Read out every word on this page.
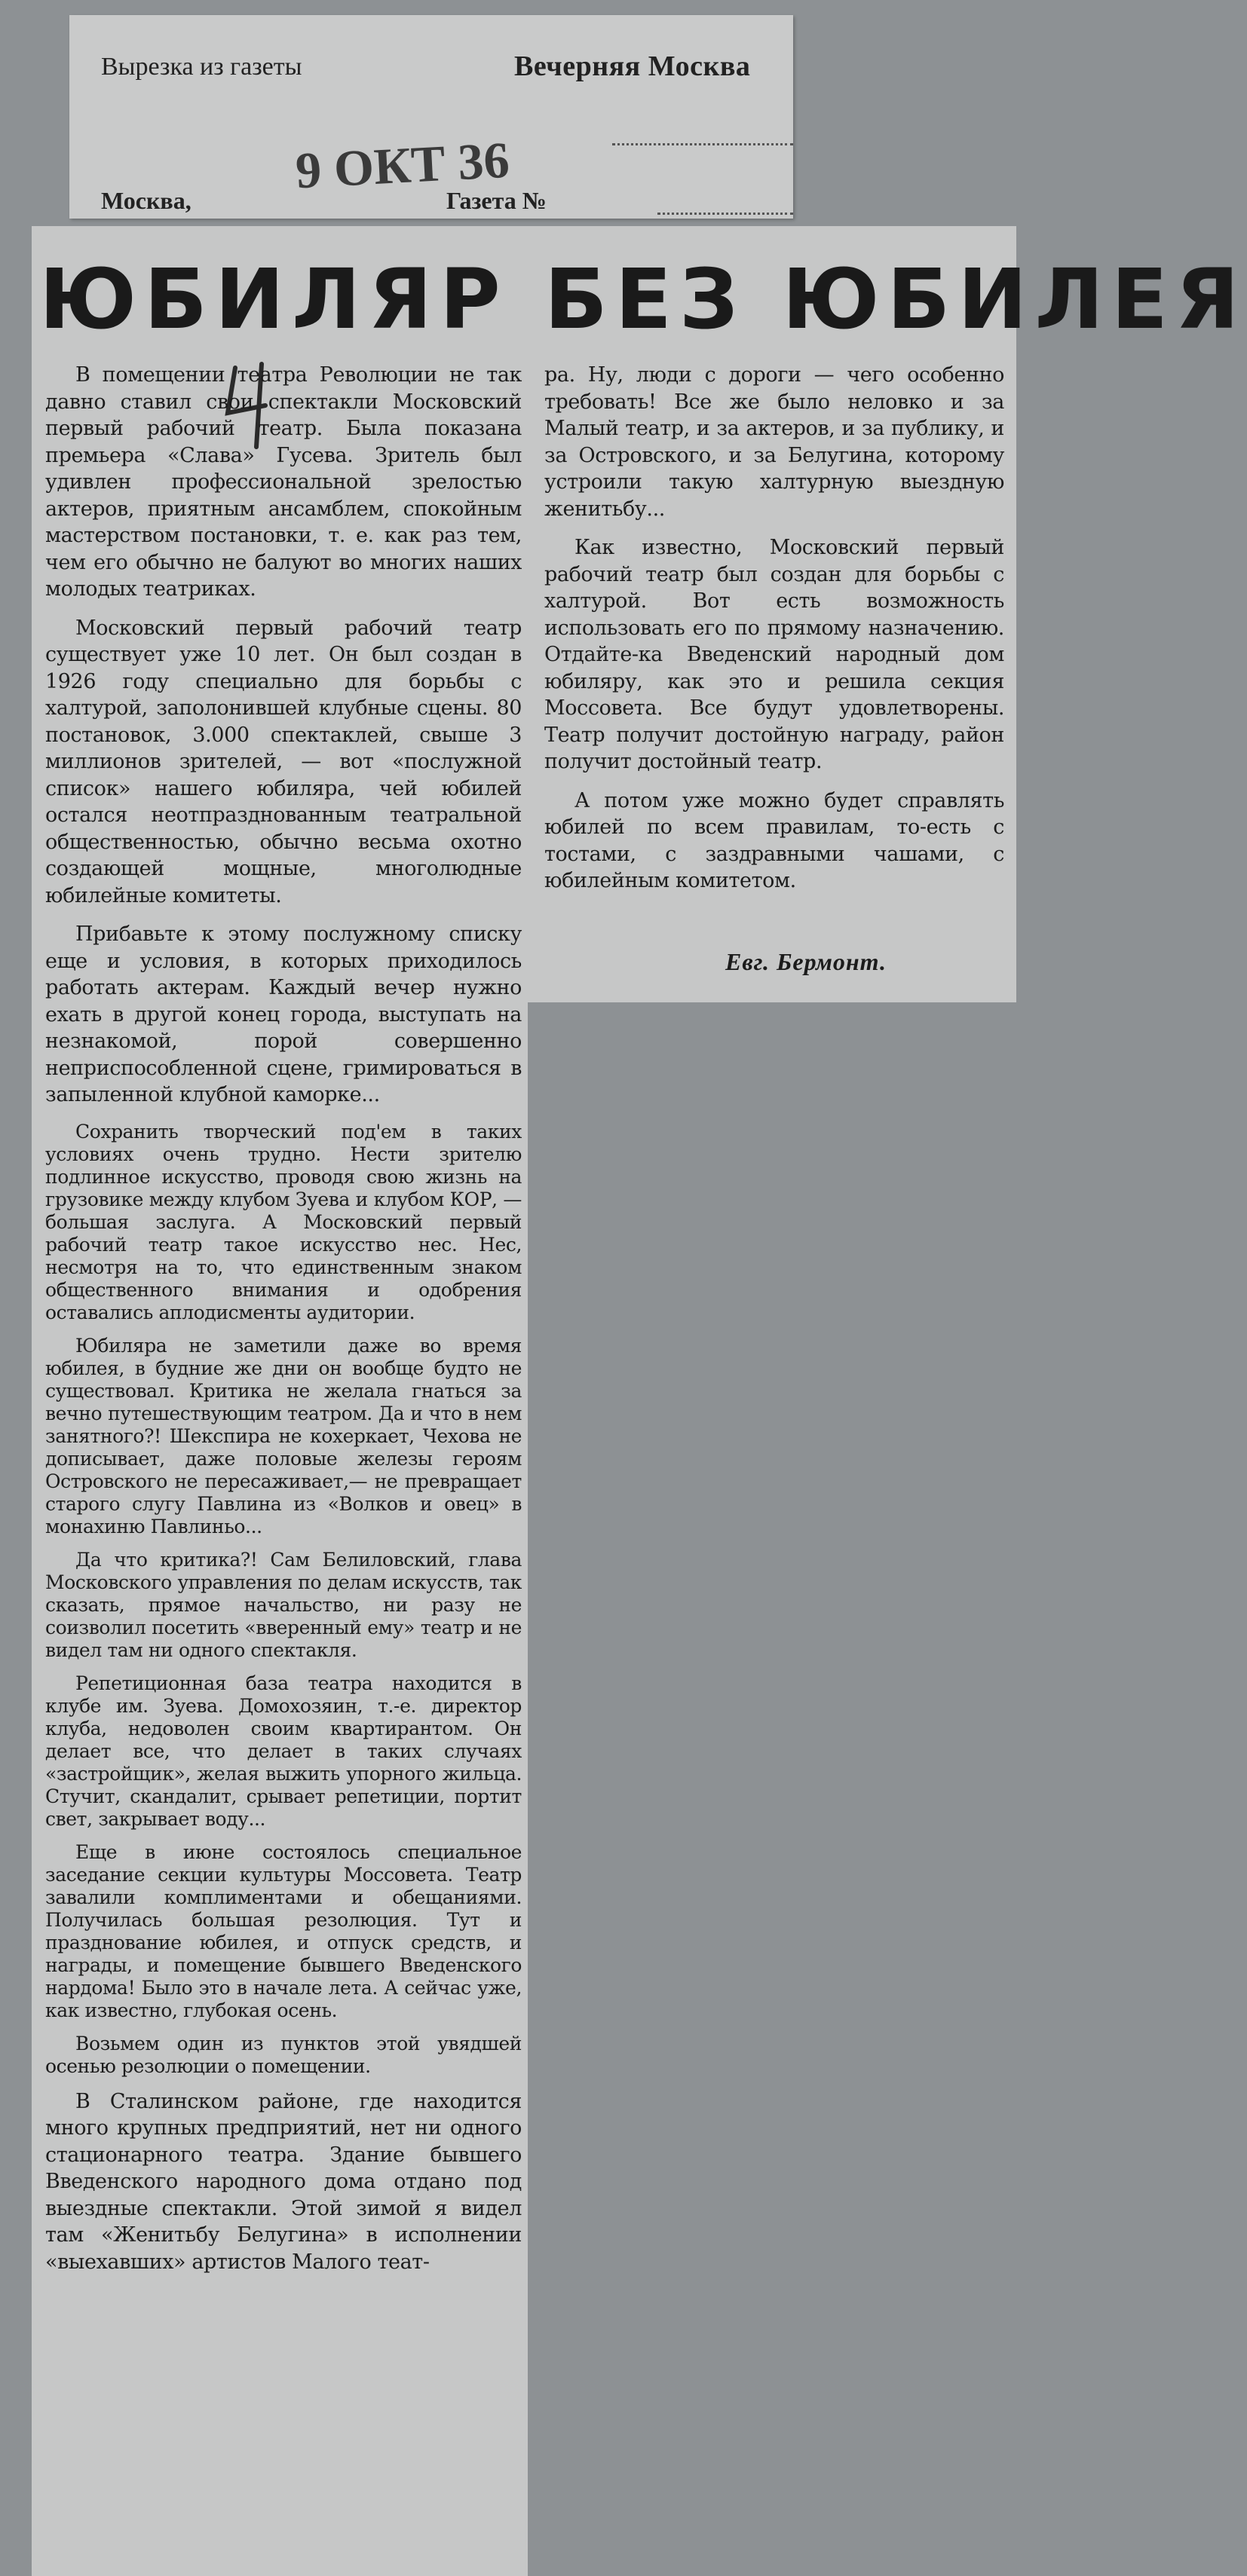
Вырезка из газеты	Вечерняя Москва
9 ОКТ 36
Москва,	Газета №
ЮБИЛЯР БЕЗ ЮБИЛЕЯ

В помещении театра Революции не так давно ставил свои спектакли Московский первый рабочий театр. Была показана премьера «Слава» Гусева. Зритель был удивлен профессиональной зрелостью актеров, приятным ансамблем, спокойным мастерством постановки, т. е. как раз тем, чем его обычно не балуют во многих наших молодых театриках.

Московский первый рабочий театр существует уже 10 лет. Он был создан в 1926 году специально для борьбы с халтурой, заполонившей клубные сцены. 80 постановок, 3.000 спектаклей, свыше 3 миллионов зрителей, — вот «послужной список» нашего юбиляра, чей юбилей остался неотпразднованным театральной общественностью, обычно весьма охотно создающей мощные, многолюдные юбилейные комитеты.

Прибавьте к этому послужному списку еще и условия, в которых приходилось работать актерам. Каждый вечер нужно ехать в другой конец города, выступать на незнакомой, порой совершенно неприспособленной сцене, гримироваться в запыленной клубной каморке...

Сохранить творческий под'ем в таких условиях очень трудно. Нести зрителю подлинное искусство, проводя свою жизнь на грузовике между клубом Зуева и клубом КОР, — большая заслуга. А Московский первый рабочий театр такое искусство нес. Нес, несмотря на то, что единственным знаком общественного внимания и одобрения оставались аплодисменты аудитории.

Юбиляра не заметили даже во время юбилея, в будние же дни он вообще будто не существовал. Критика не желала гнаться за вечно путешествующим театром. Да и что в нем занятного?! Шекспира не кохеркает, Чехова не дописывает, даже половые железы героям Островского не пересаживает,— не превращает старого слугу Павлина из «Волков и овец» в монахиню Павлиньо...

Да что критика?! Сам Белиловский, глава Московского управления по делам искусств, так сказать, прямое начальство, ни разу не соизволил посетить «вверенный ему» театр и не видел там ни одного спектакля.

Репетиционная база театра находится в клубе им. Зуева. Домохозяин, т.-е. директор клуба, недоволен своим квартирантом. Он делает все, что делает в таких случаях «застройщик», желая выжить упорного жильца. Стучит, скандалит, срывает репетиции, портит свет, закрывает воду...

Еще в июне состоялось специальное заседание секции культуры Моссовета. Театр завалили комплиментами и обещаниями. Получилась большая резолюция. Тут и празднование юбилея, и отпуск средств, и награды, и помещение бывшего Введенского нардома! Было это в начале лета. А сейчас уже, как известно, глубокая осень.

Возьмем один из пунктов этой увядшей осенью резолюции о помещении.

В Сталинском районе, где находится много крупных предприятий, нет ни одного стационарного театра. Здание бывшего Введенского народного дома отдано под выездные спектакли. Этой зимой я видел там «Женитьбу Белугина» в исполнении «выехавших» артистов Малого теат-

ра. Ну, люди с дороги — чего особенно требовать! Все же было неловко и за Малый театр, и за актеров, и за публику, и за Островского, и за Белугина, которому устроили такую халтурную выездную женитьбу...

Как известно, Московский первый рабочий театр был создан для борьбы с халтурой. Вот есть возможность использовать его по прямому назначению. Отдайте-ка Введенский народный дом юбиляру, как это и решила секция Моссовета. Все будут удовлетворены. Театр получит достойную награду, район получит достойный театр.

А потом уже можно будет справлять юбилей по всем правилам, то-есть с тостами, с заздравными чашами, с юбилейным комитетом.

Евг. Бермонт.
